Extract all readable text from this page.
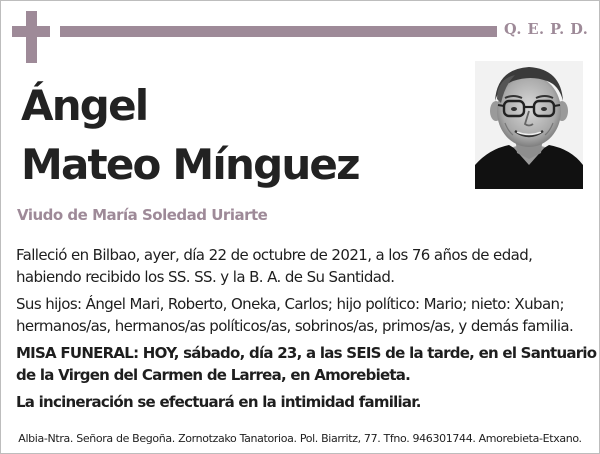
Q. E. P. D.
Ángel
Mateo Mínguez
Viudo de María Soledad Uriarte
Falleció en Bilbao, ayer, día 22 de octubre de 2021, a los 76 años de edad,
habiendo recibido los SS. SS. y la B. A. de Su Santidad.
Sus hijos: Ángel Mari, Roberto, Oneka, Carlos; hijo político: Mario; nieto: Xuban;
hermanos/as, hermanos/as políticos/as, sobrinos/as, primos/as, y demás familia.
MISA FUNERAL: HOY, sábado, día 23, a las SEIS de la tarde, en el Santuario
de la Virgen del Carmen de Larrea, en Amorebieta.
La incineración se efectuará en la intimidad familiar.
Albia-Ntra. Señora de Begoña. Zornotzako Tanatorioa. Pol. Biarritz, 77. Tfno. 946301744. Amorebieta-Etxano.
